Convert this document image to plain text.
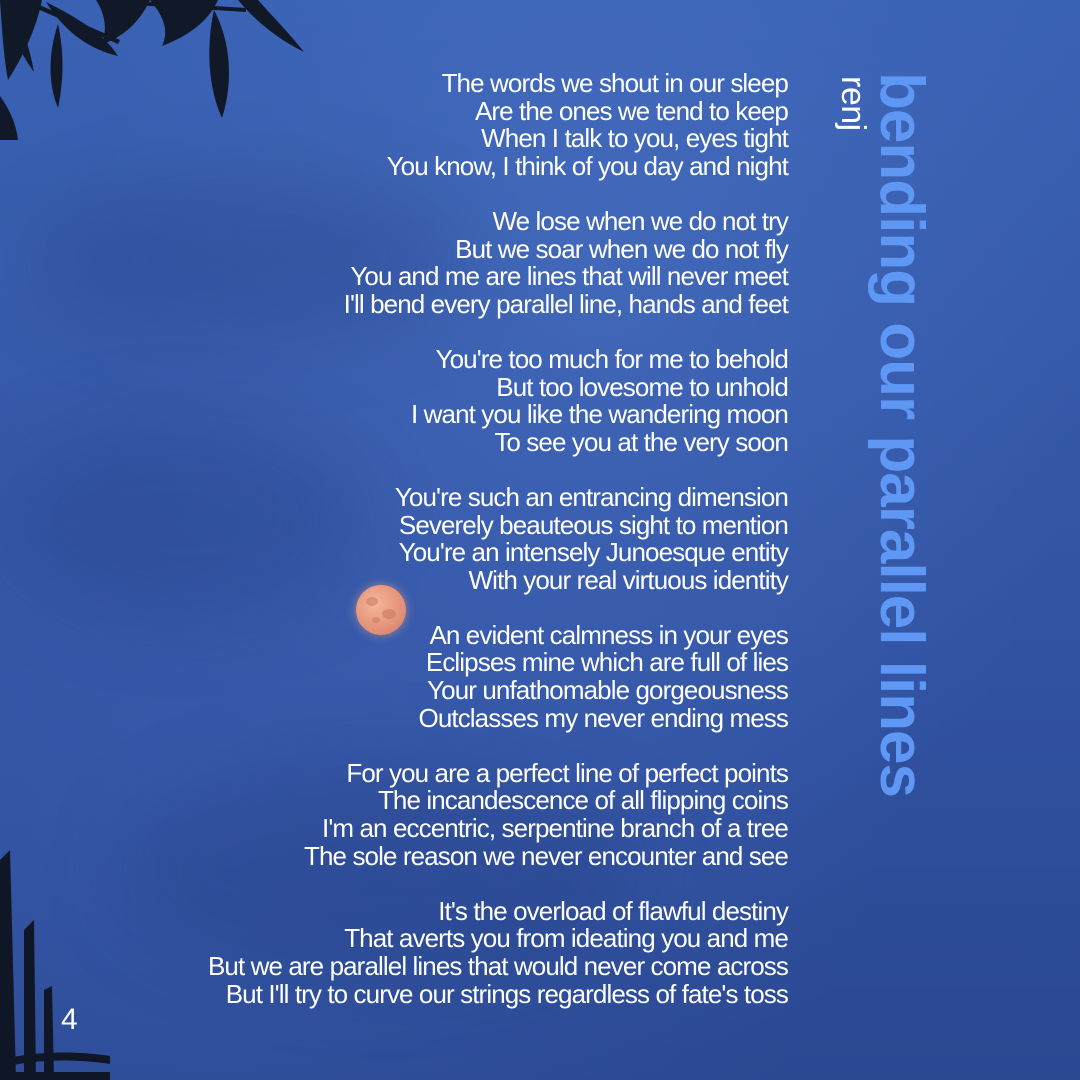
The words we shout in our sleep
Are the ones we tend to keep
When I talk to you, eyes tight
You know, I think of you day and night
We lose when we do not try
But we soar when we do not fly
You and me are lines that will never meet
I'll bend every parallel line, hands and feet
You're too much for me to behold
But too lovesome to unhold
I want you like the wandering moon
To see you at the very soon
You're such an entrancing dimension
Severely beauteous sight to mention
You're an intensely Junoesque entity
With your real virtuous identity
An evident calmness in your eyes
Eclipses mine which are full of lies
Your unfathomable gorgeousness
Outclasses my never ending mess
For you are a perfect line of perfect points
The incandescence of all flipping coins
I'm an eccentric, serpentine branch of a tree
The sole reason we never encounter and see
It's the overload of flawful destiny
That averts you from ideating you and me
But we are parallel lines that would never come across
But I'll try to curve our strings regardless of fate's toss
bending our parallel lines
renj
4
